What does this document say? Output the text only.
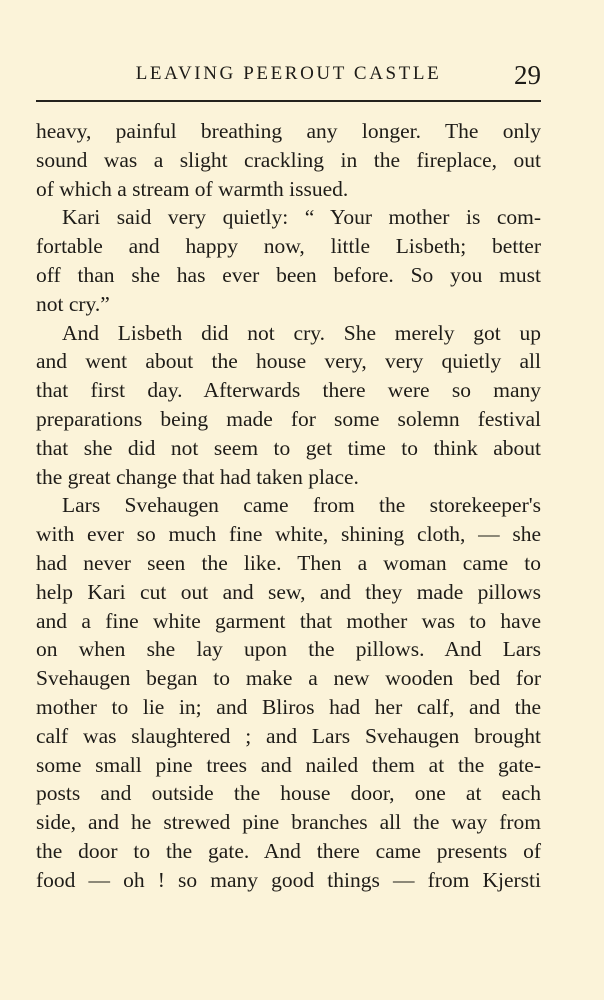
LEAVING PEEROUT CASTLE	29
heavy, painful breathing any longer. The only
sound was a slight crackling in the fireplace, out
of which a stream of warmth issued.
Kari said very quietly: “ Your mother is com-
fortable and happy now, little Lisbeth; better
off than she has ever been before. So you must
not cry.”
And Lisbeth did not cry. She merely got up
and went about the house very, very quietly all
that first day. Afterwards there were so many
preparations being made for some solemn festival
that she did not seem to get time to think about
the great change that had taken place.
Lars Svehaugen came from the storekeeper's
with ever so much fine white, shining cloth, — she
had never seen the like. Then a woman came to
help Kari cut out and sew, and they made pillows
and a fine white garment that mother was to have
on when she lay upon the pillows. And Lars
Svehaugen began to make a new wooden bed for
mother to lie in; and Bliros had her calf, and the
calf was slaughtered ; and Lars Svehaugen brought
some small pine trees and nailed them at the gate-
posts and outside the house door, one at each
side, and he strewed pine branches all the way from
the door to the gate. And there came presents of
food — oh ! so many good things — from Kjersti
